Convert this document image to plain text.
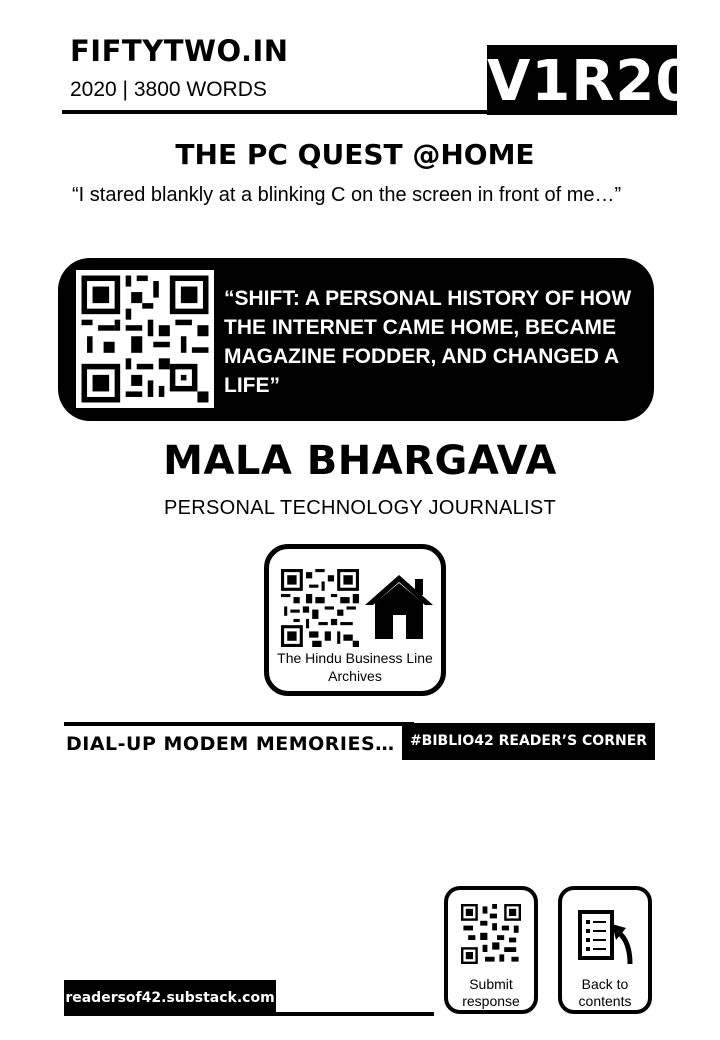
FIFTYTWO.IN
2020 | 3800 WORDS	V1R20
THE PC QUEST @HOME
“I stared blankly at a blinking C on the screen in front of me…”
“SHIFT: A PERSONAL HISTORY OF HOW THE INTERNET CAME HOME, BECAME MAGAZINE FODDER, AND CHANGED A LIFE”
MALA BHARGAVA
PERSONAL TECHNOLOGY JOURNALIST
The Hindu Business Line Archives
DIAL-UP MODEM MEMORIES…	#BIBLIO42 READER’S CORNER
Submit response
Back to contents
readersof42.substack.com
